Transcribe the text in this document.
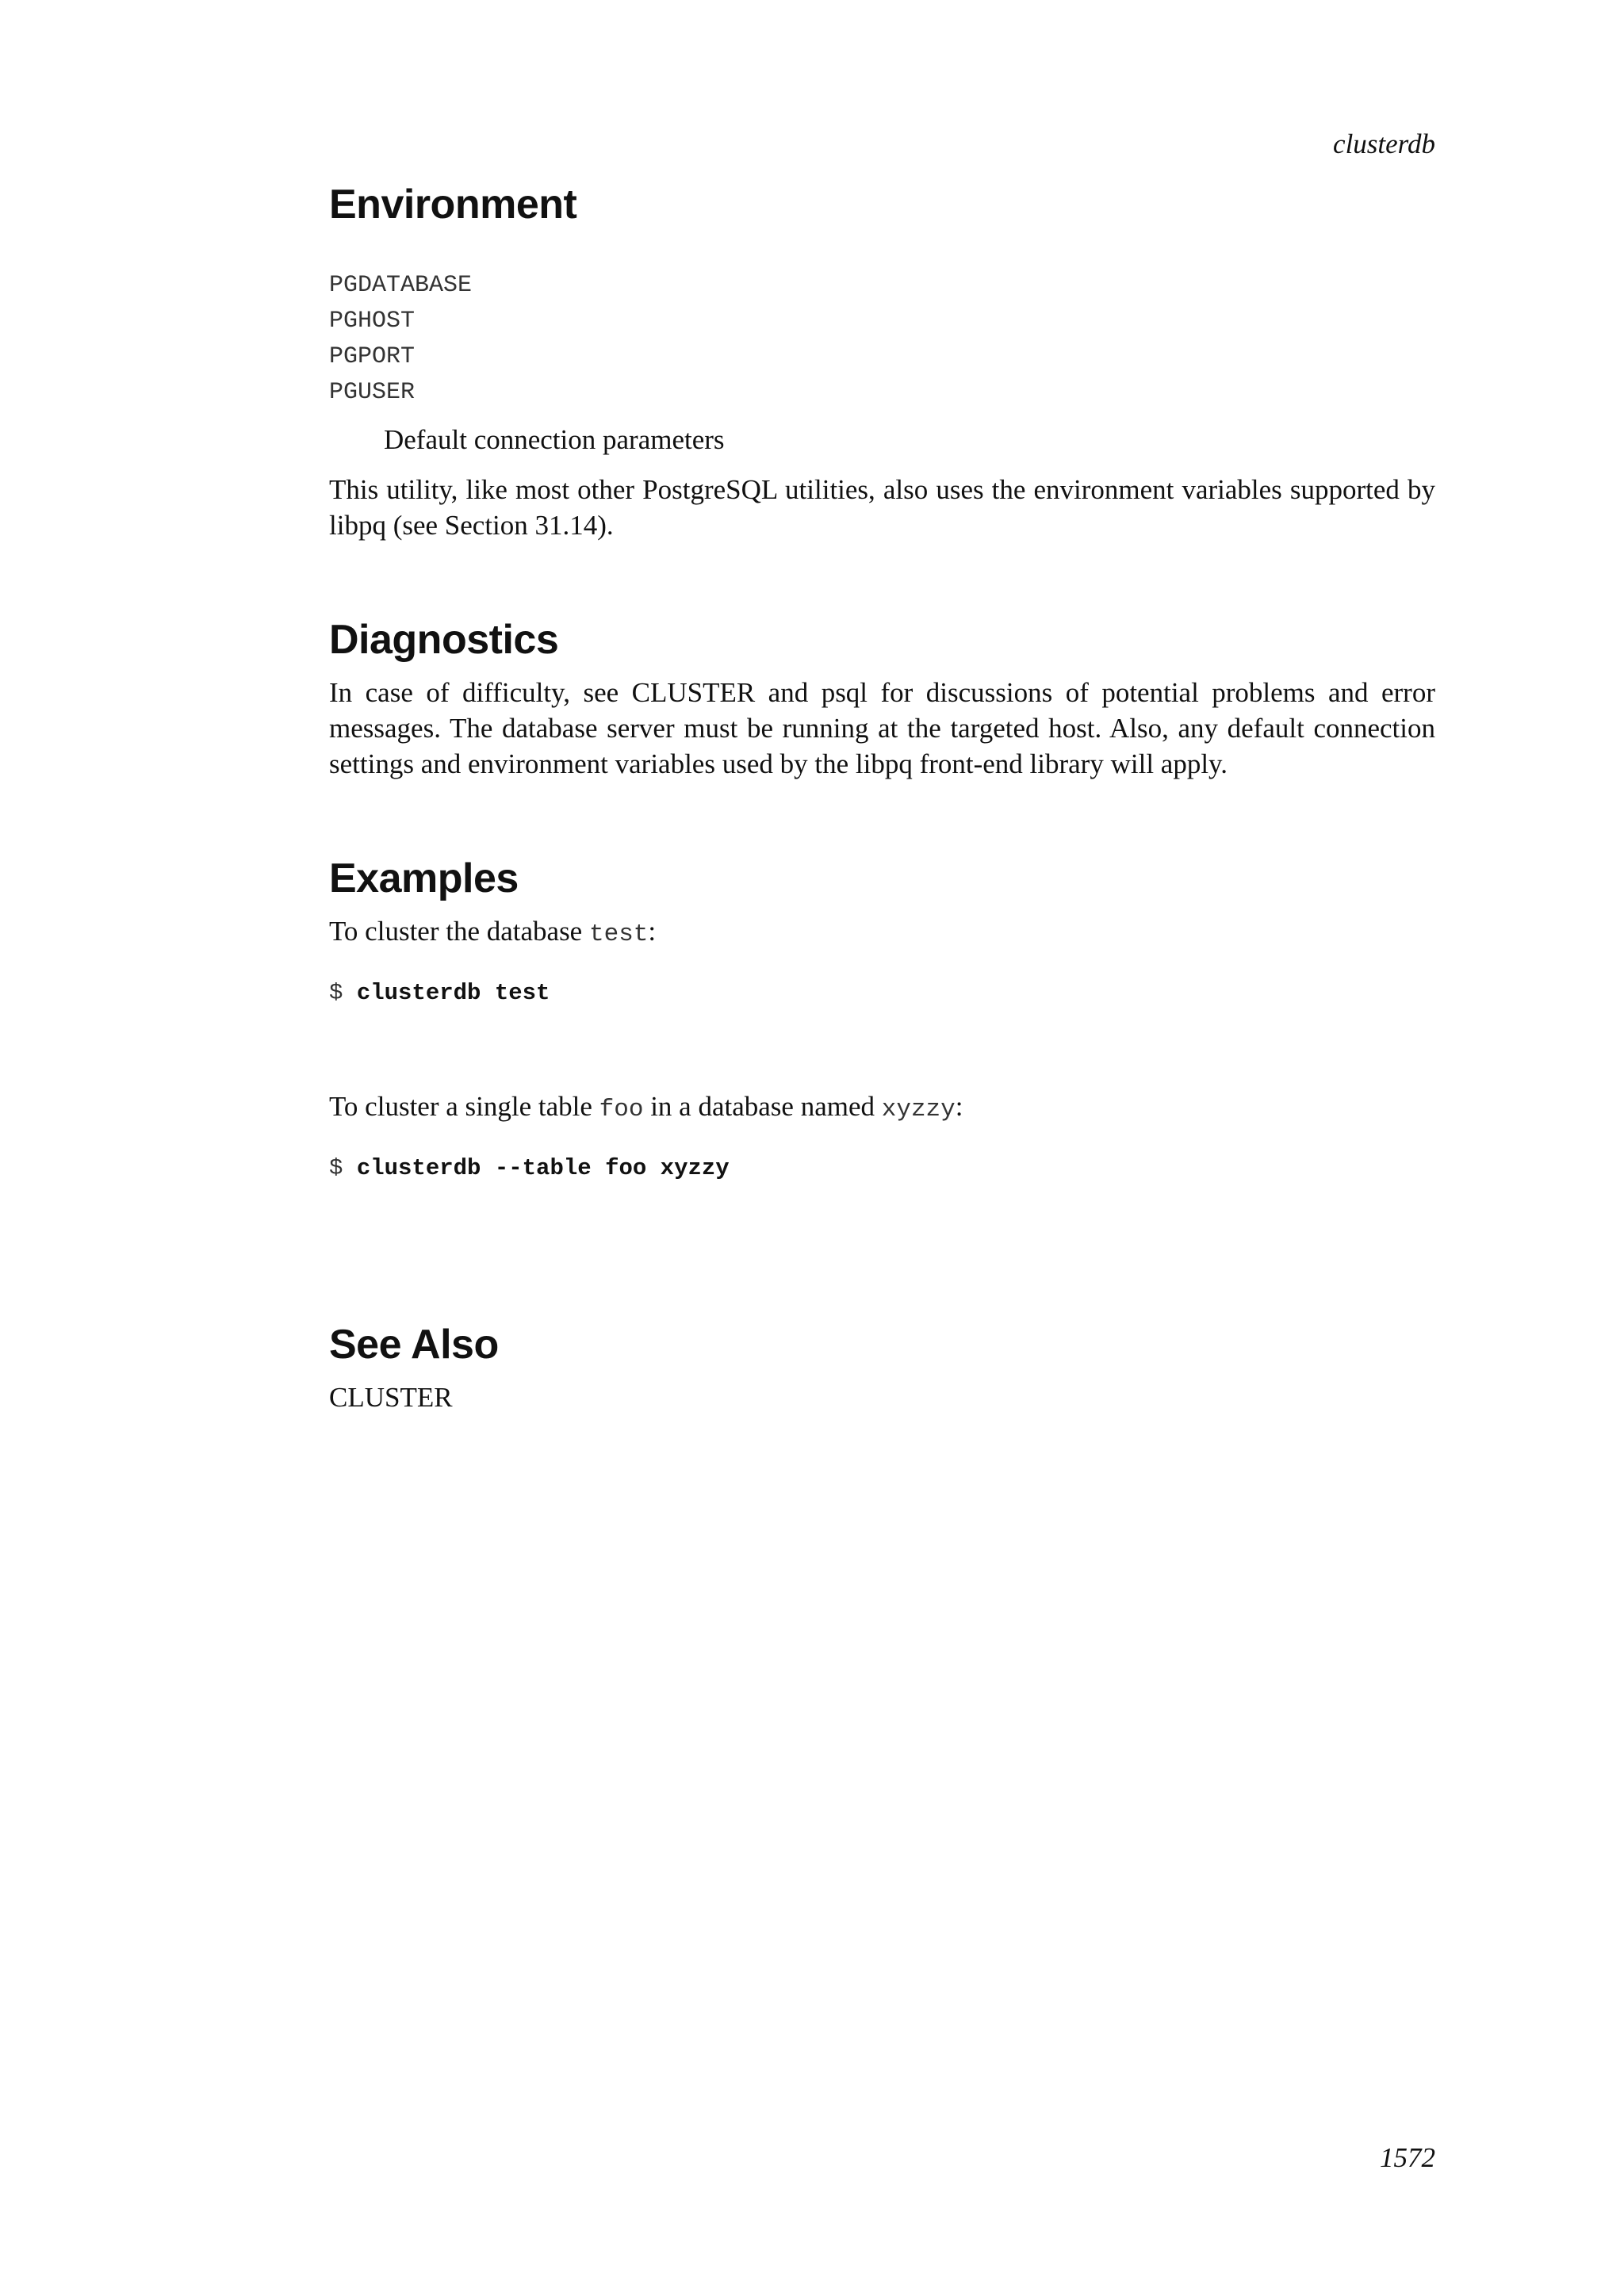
clusterdb
Environment
PGDATABASE
PGHOST
PGPORT
PGUSER
Default connection parameters

This utility, like most other PostgreSQL utilities, also uses the environment variables supported by libpq (see Section 31.14).

Diagnostics

In case of difficulty, see CLUSTER and psql for discussions of potential problems and error messages. The database server must be running at the targeted host. Also, any default connection settings and environment variables used by the libpq front-end library will apply.

Examples

To cluster the database test:

$ clusterdb test

To cluster a single table foo in a database named xyzzy:

$ clusterdb --table foo xyzzy
See Also

CLUSTER

1572
